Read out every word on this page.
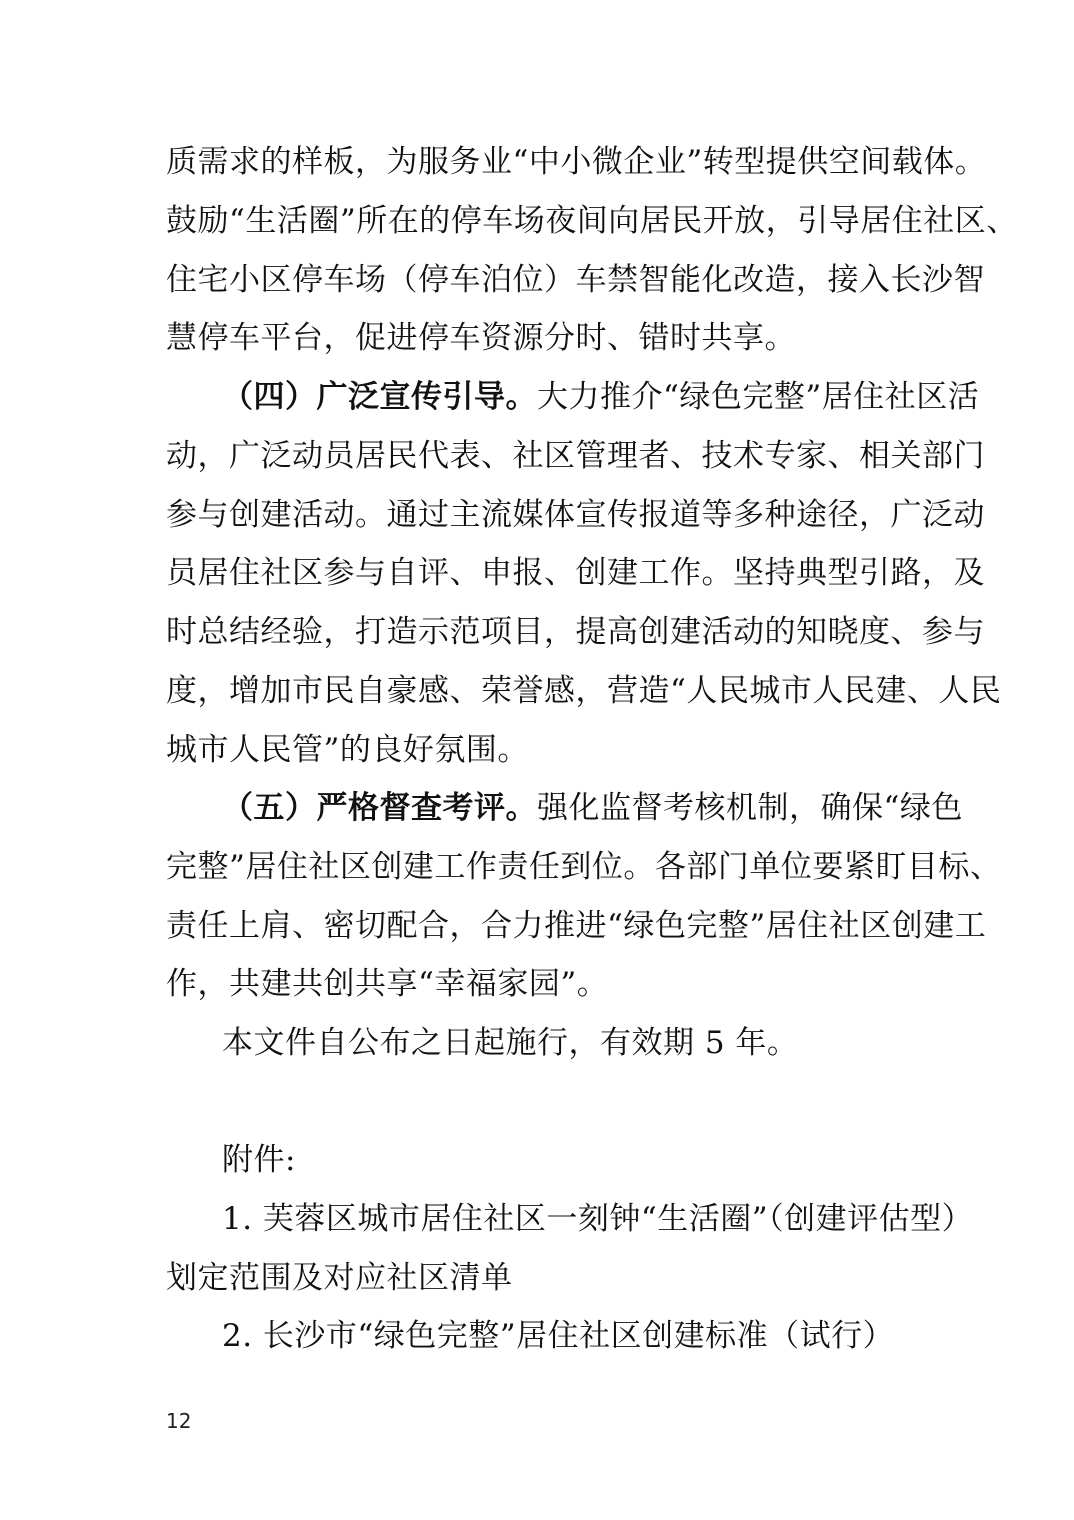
质需求的样板，为服务业“中小微企业”转型提供空间载体。
鼓励“生活圈”所在的停车场夜间向居民开放，引导居住社区、
住宅小区停车场（停车泊位）车禁智能化改造，接入长沙智
慧停车平台，促进停车资源分时、错时共享。
（四）广泛宣传引导。大力推介“绿色完整”居住社区活
动，广泛动员居民代表、社区管理者、技术专家、相关部门
参与创建活动。通过主流媒体宣传报道等多种途径，广泛动
员居住社区参与自评、申报、创建工作。坚持典型引路，及
时总结经验，打造示范项目，提高创建活动的知晓度、参与
度，增加市民自豪感、荣誉感，营造“人民城市人民建、人民
城市人民管”的良好氛围。
（五）严格督查考评。强化监督考核机制，确保“绿色
完整”居住社区创建工作责任到位。各部门单位要紧盯目标、
责任上肩、密切配合，合力推进“绿色完整”居住社区创建工
作，共建共创共享“幸福家园”。
本文件自公布之日起施行，有效期 5 年。
附件:
1. 芙蓉区城市居住社区一刻钟“生活圈”（创建评估型）
划定范围及对应社区清单
2. 长沙市“绿色完整”居住社区创建标准（试行）
12
